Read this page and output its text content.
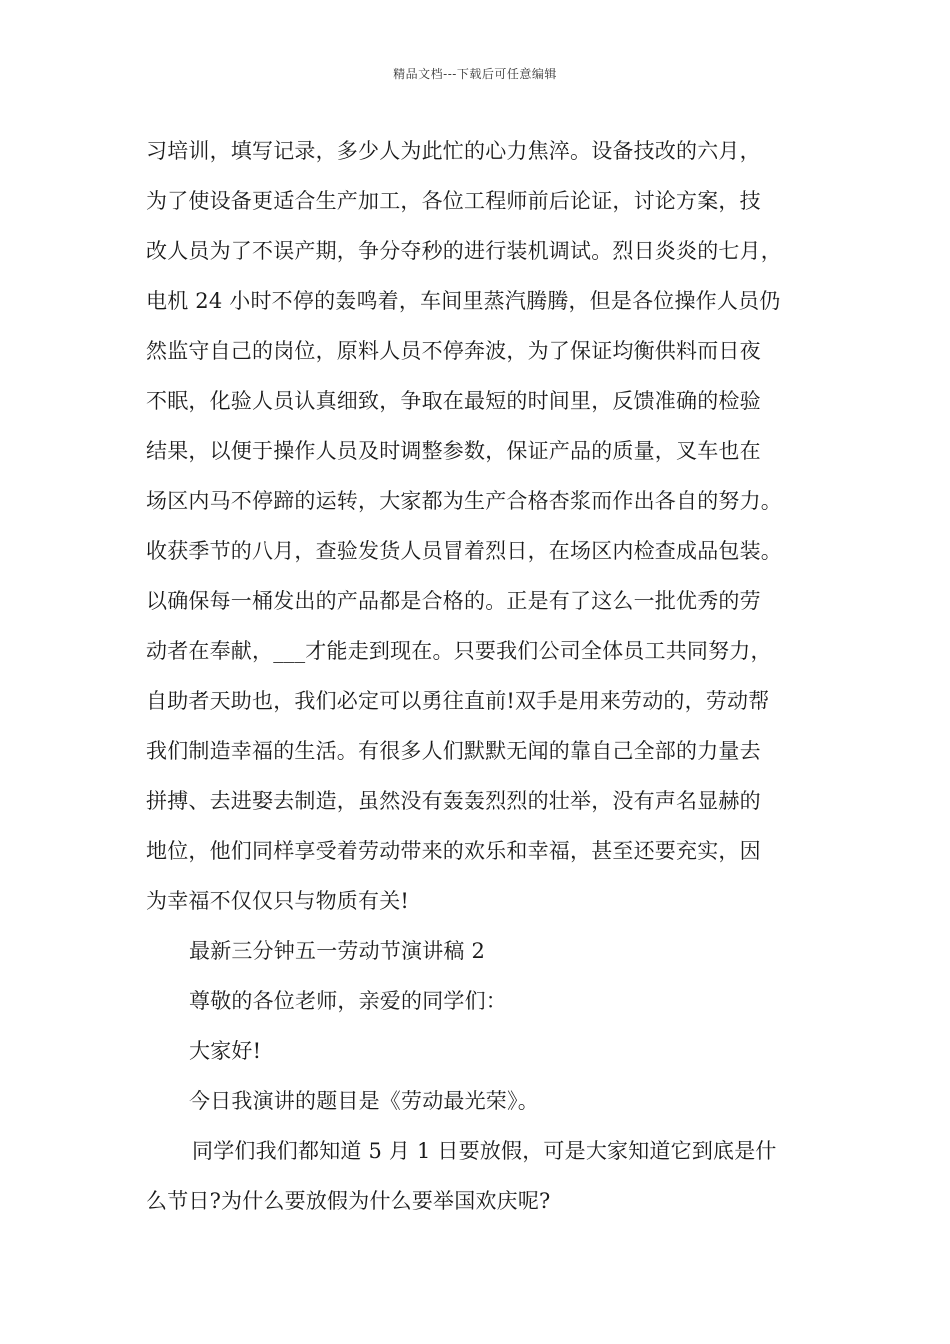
精品文档---下载后可任意编辑
习培训，填写记录，多少人为此忙的心力焦淬。设备技改的六月，
为了使设备更适合生产加工，各位工程师前后论证，讨论方案，技
改人员为了不误产期，争分夺秒的进行装机调试。烈日炎炎的七月，
电机 24 小时不停的轰鸣着，车间里蒸汽腾腾，但是各位操作人员仍
然监守自己的岗位，原料人员不停奔波，为了保证均衡供料而日夜
不眠，化验人员认真细致，争取在最短的时间里，反馈准确的检验
结果，以便于操作人员及时调整参数，保证产品的质量，叉车也在
场区内马不停蹄的运转，大家都为生产合格杏浆而作出各自的努力。
收获季节的八月，查验发货人员冒着烈日，在场区内检查成品包装。
以确保每一桶发出的产品都是合格的。正是有了这么一批优秀的劳
动者在奉献，___才能走到现在。只要我们公司全体员工共同努力，
自助者天助也，我们必定可以勇往直前!双手是用来劳动的，劳动帮
我们制造幸福的生活。有很多人们默默无闻的靠自己全部的力量去
拼搏、去进娶去制造，虽然没有轰轰烈烈的壮举，没有声名显赫的
地位，他们同样享受着劳动带来的欢乐和幸福，甚至还要充实，因
为幸福不仅仅只与物质有关!
最新三分钟五一劳动节演讲稿 2
尊敬的各位老师，亲爱的同学们：
大家好!
今日我演讲的题目是《劳动最光荣》。
同学们我们都知道 5 月 1 日要放假，可是大家知道它到底是什
么节日?为什么要放假为什么要举国欢庆呢?
